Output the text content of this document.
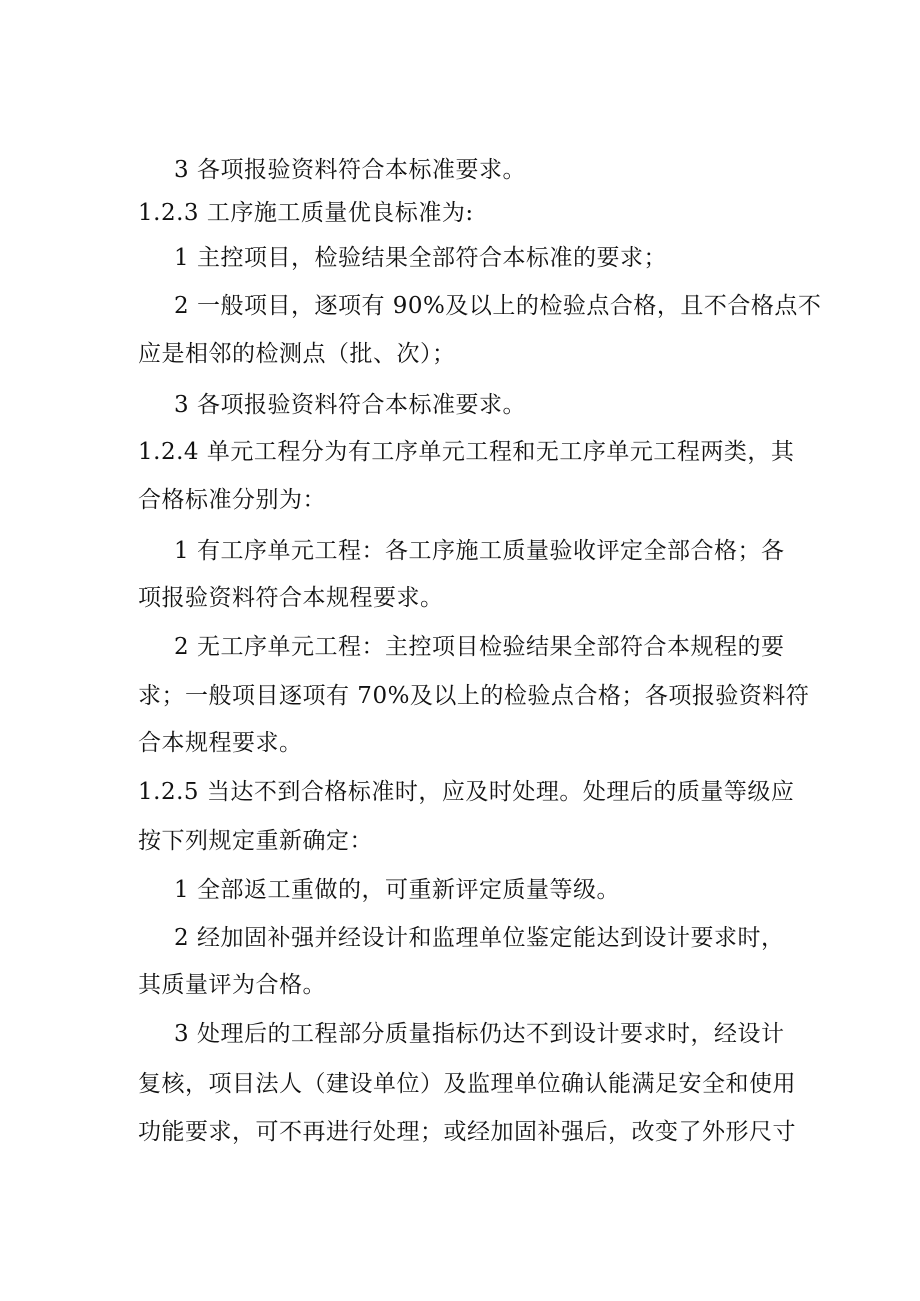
3 各项报验资料符合本标准要求。
1.2.3 工序施工质量优良标准为:
1 主控项目，检验结果全部符合本标准的要求；
2 一般项目，逐项有 90%及以上的检验点合格，且不合格点不
应是相邻的检测点（批、次）；
3 各项报验资料符合本标准要求。
1.2.4 单元工程分为有工序单元工程和无工序单元工程两类，其
合格标准分别为：
1 有工序单元工程：各工序施工质量验收评定全部合格；各
项报验资料符合本规程要求。
2 无工序单元工程：主控项目检验结果全部符合本规程的要
求；一般项目逐项有 70%及以上的检验点合格；各项报验资料符
合本规程要求。
1.2.5 当达不到合格标准时，应及时处理。处理后的质量等级应
按下列规定重新确定：
1 全部返工重做的，可重新评定质量等级。
2 经加固补强并经设计和监理单位鉴定能达到设计要求时，
其质量评为合格。
3 处理后的工程部分质量指标仍达不到设计要求时，经设计
复核，项目法人（建设单位）及监理单位确认能满足安全和使用
功能要求，可不再进行处理；或经加固补强后，改变了外形尺寸
